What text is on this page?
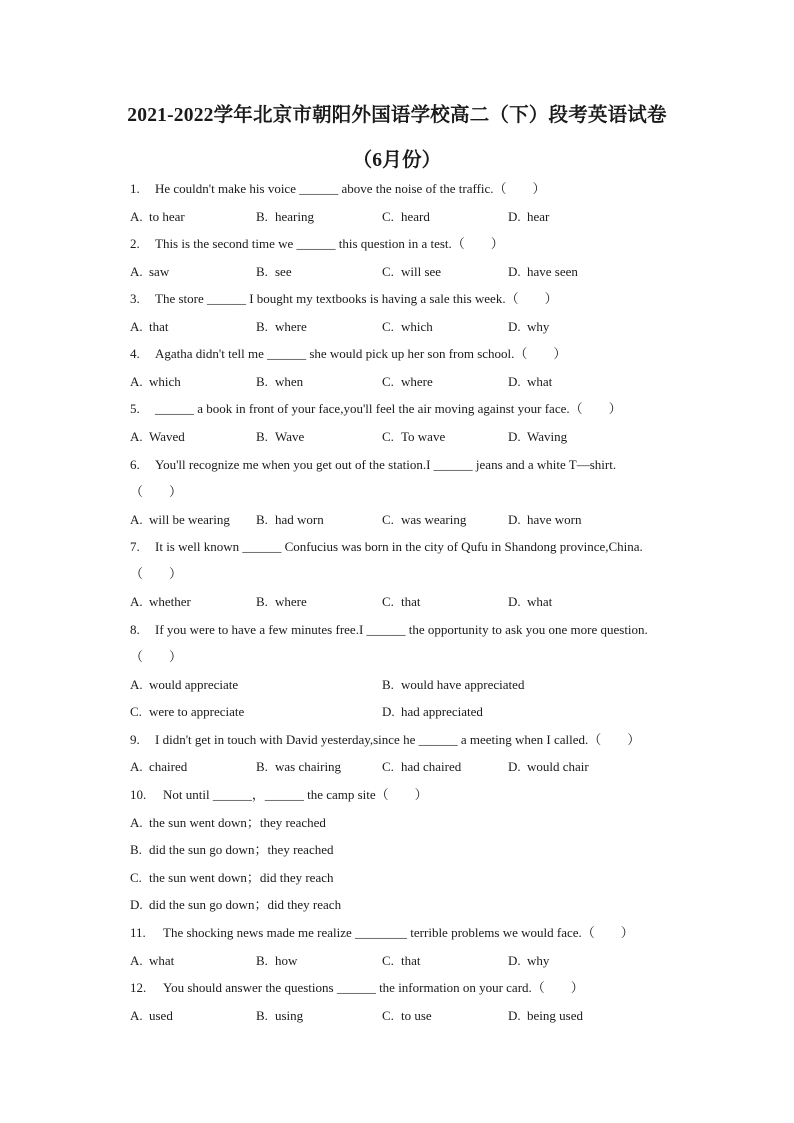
2021-2022学年北京市朝阳外国语学校高二（下）段考英语试卷
（6月份）
1. He couldn't make his voice ______ above the noise of the traffic.（　　）
A. to hear	B. hearing	C. heard	D. hear
2. This is the second time we ______ this question in a test.（　　）
A. saw	B. see	C. will see	D. have seen
3. The store ______ I bought my textbooks is having a sale this week.（　　）
A. that	B. where	C. which	D. why
4. Agatha didn't tell me ______ she would pick up her son from school.（　　）
A. which	B. when	C. where	D. what
5. ______ a book in front of your face,you'll feel the air moving against your face.（　　）
A. Waved	B. Wave	C. To wave	D. Waving
6. You'll recognize me when you get out of the station.I ______ jeans and a white T—shirt.
（　　）
A. will be wearing B. had worn	C. was wearing	D. have worn
7. It is well known ______ Confucius was born in the city of Qufu in Shandong province,China.
（　　）
A. whether	B. where	C. that	D. what
8. If you were to have a few minutes free.I ______ the opportunity to ask you one more question.
（　　）
A. would appreciate	B. would have appreciated
C. were to appreciate	D. had appreciated
9. I didn't get in touch with David yesterday,since he ______ a meeting when I called.（　　）
A. chaired	B. was chairing	C. had chaired	D. would chair
10. Not until ______，______ the camp site（　　）
A. the sun went down；they reached
B. did the sun go down；they reached
C. the sun went down；did they reach
D. did the sun go down；did they reach
11. The shocking news made me realize ________ terrible problems we would face.（　　）
A. what	B. how	C. that	D. why
12. You should answer the questions ______ the information on your card.（　　）
A. used	B. using	C. to use	D. being used
